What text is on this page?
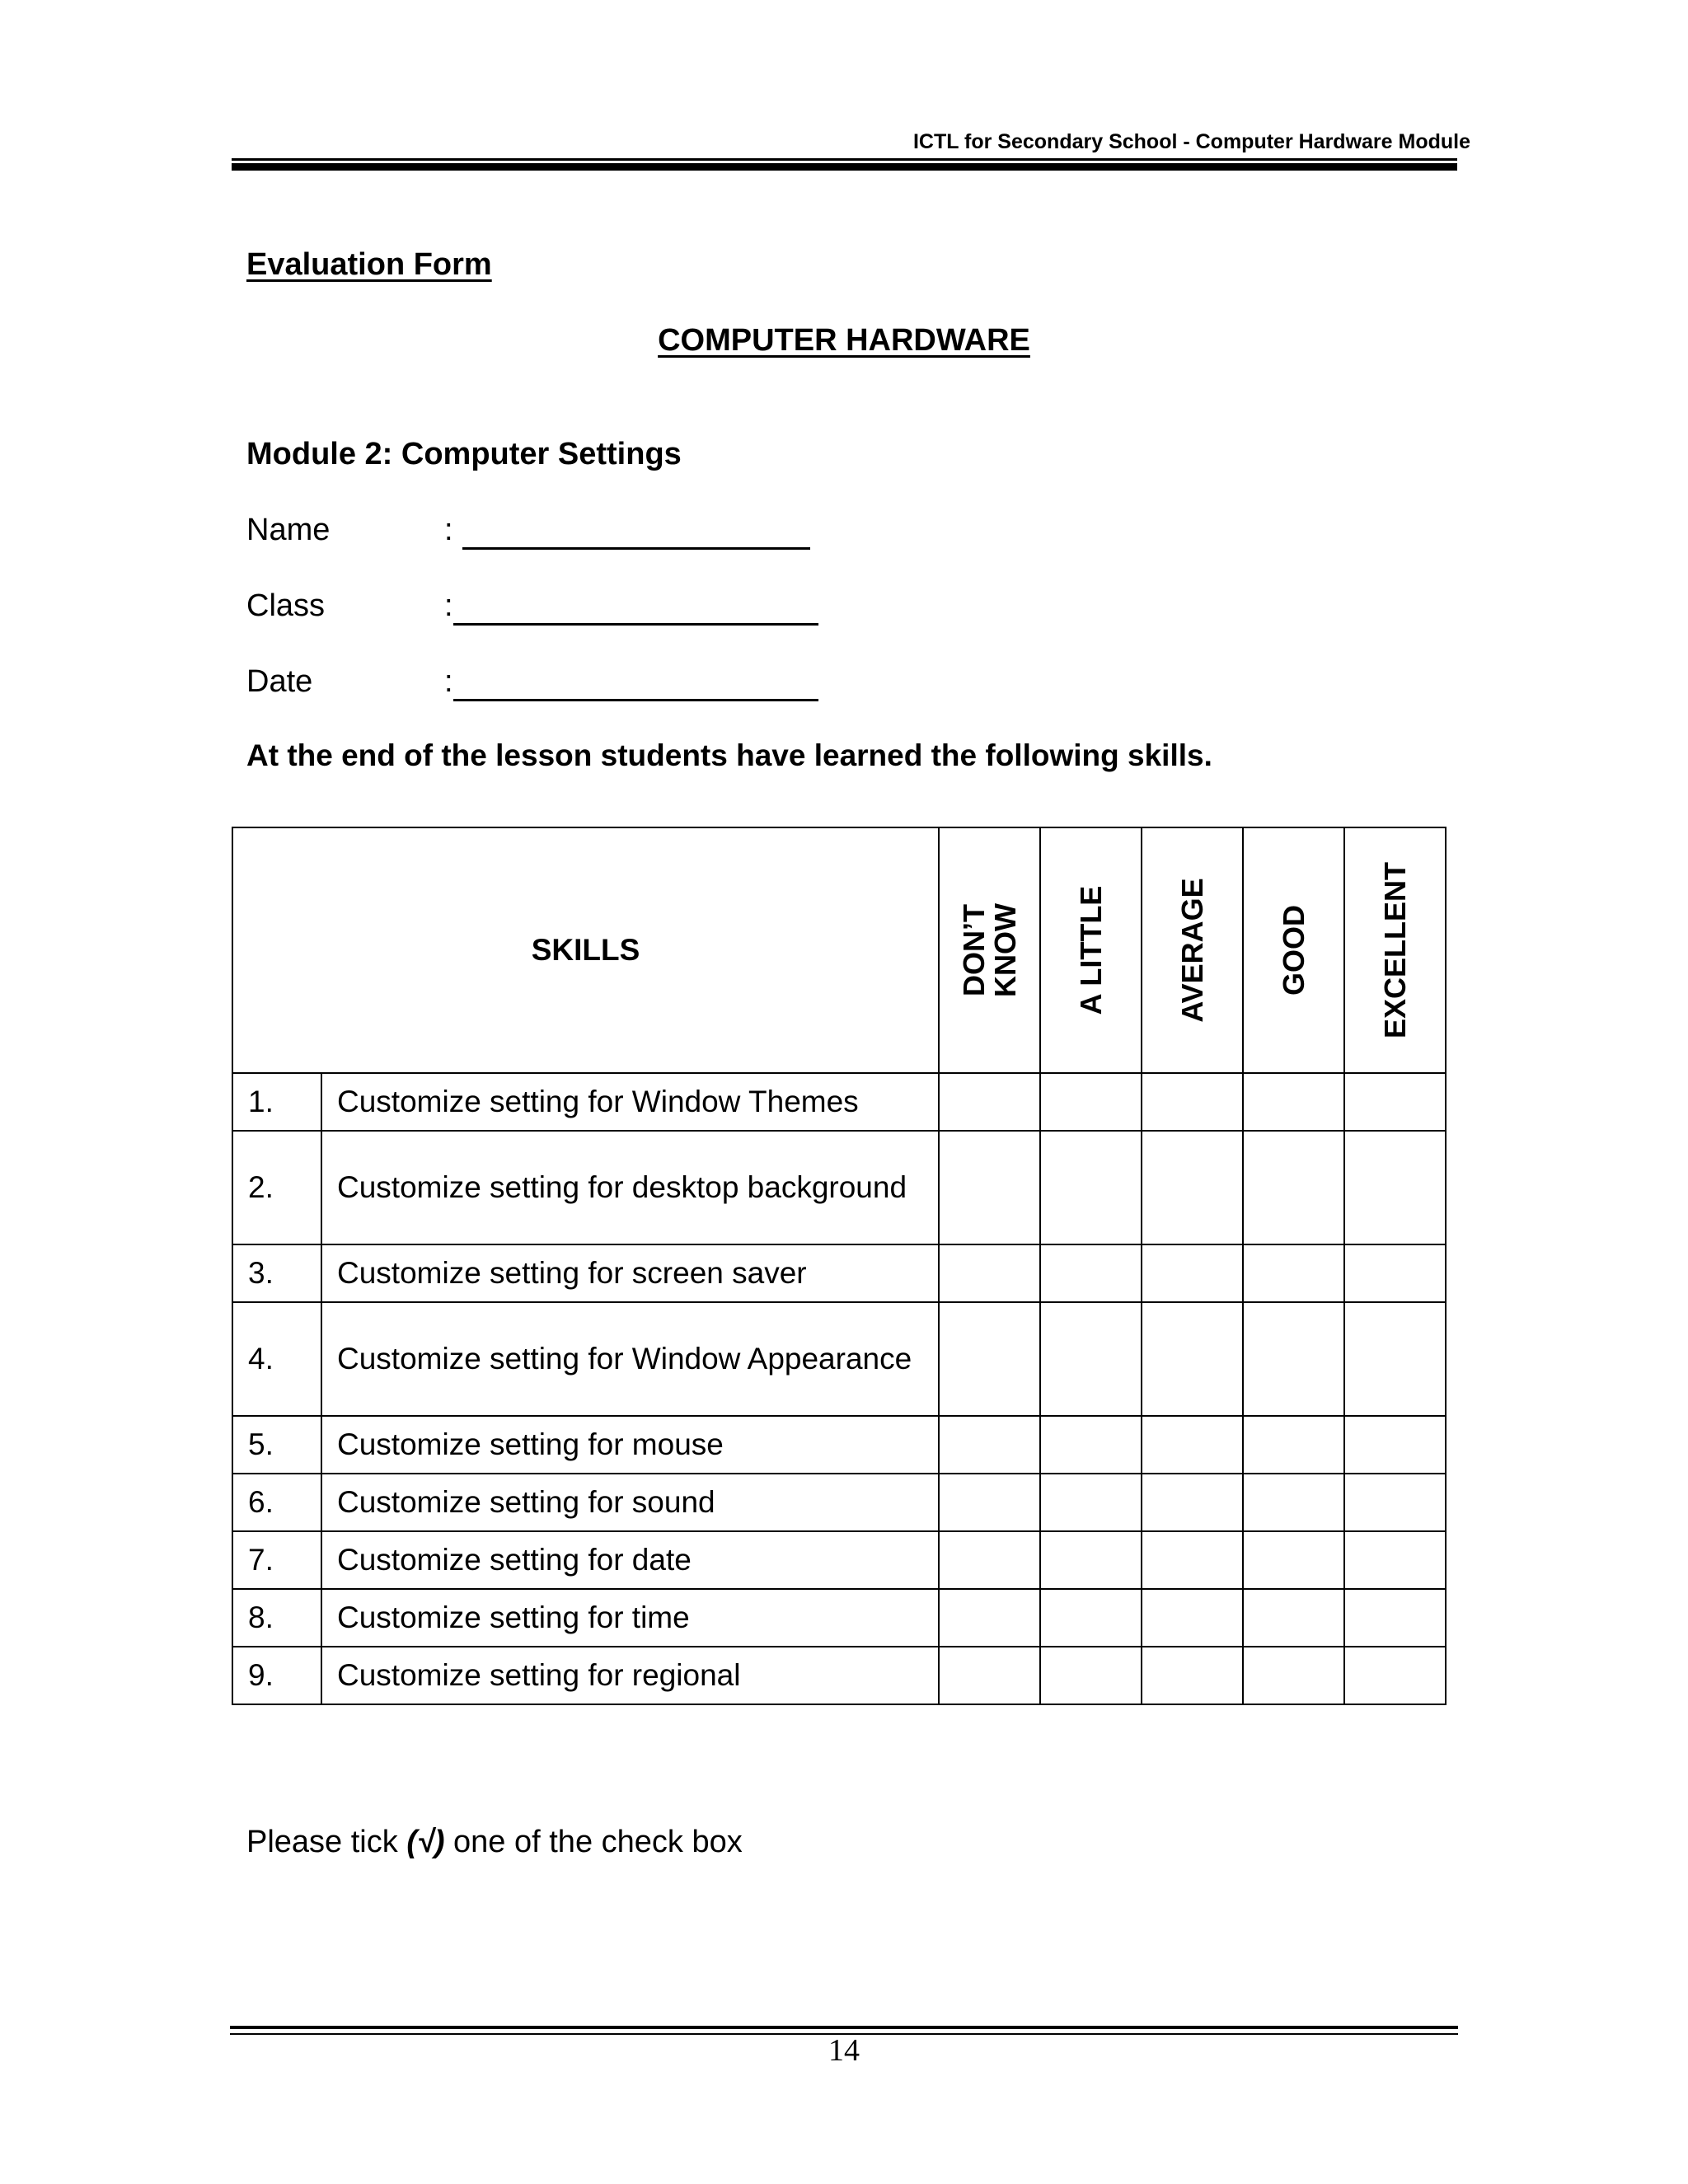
ICTL for Secondary School - Computer Hardware Module
Evaluation Form
COMPUTER HARDWARE
Module 2: Computer Settings
Name	:
Class	:
Date	:
At the end of the lesson students have learned the following skills.
SKILLS		DON’T KNOW	A LITTLE	AVERAGE	GOOD	EXCELLENT

1.	Customize setting for Window Themes					
2.	Customize setting for desktop background					
3.	Customize setting for screen saver					
4.	Customize setting for Window Appearance					
5.	Customize setting for mouse					
6.	Customize setting for sound					
7.	Customize setting for date					
8.	Customize setting for time					
9.	Customize setting for regional					
Please tick (√) one of the check box
14
